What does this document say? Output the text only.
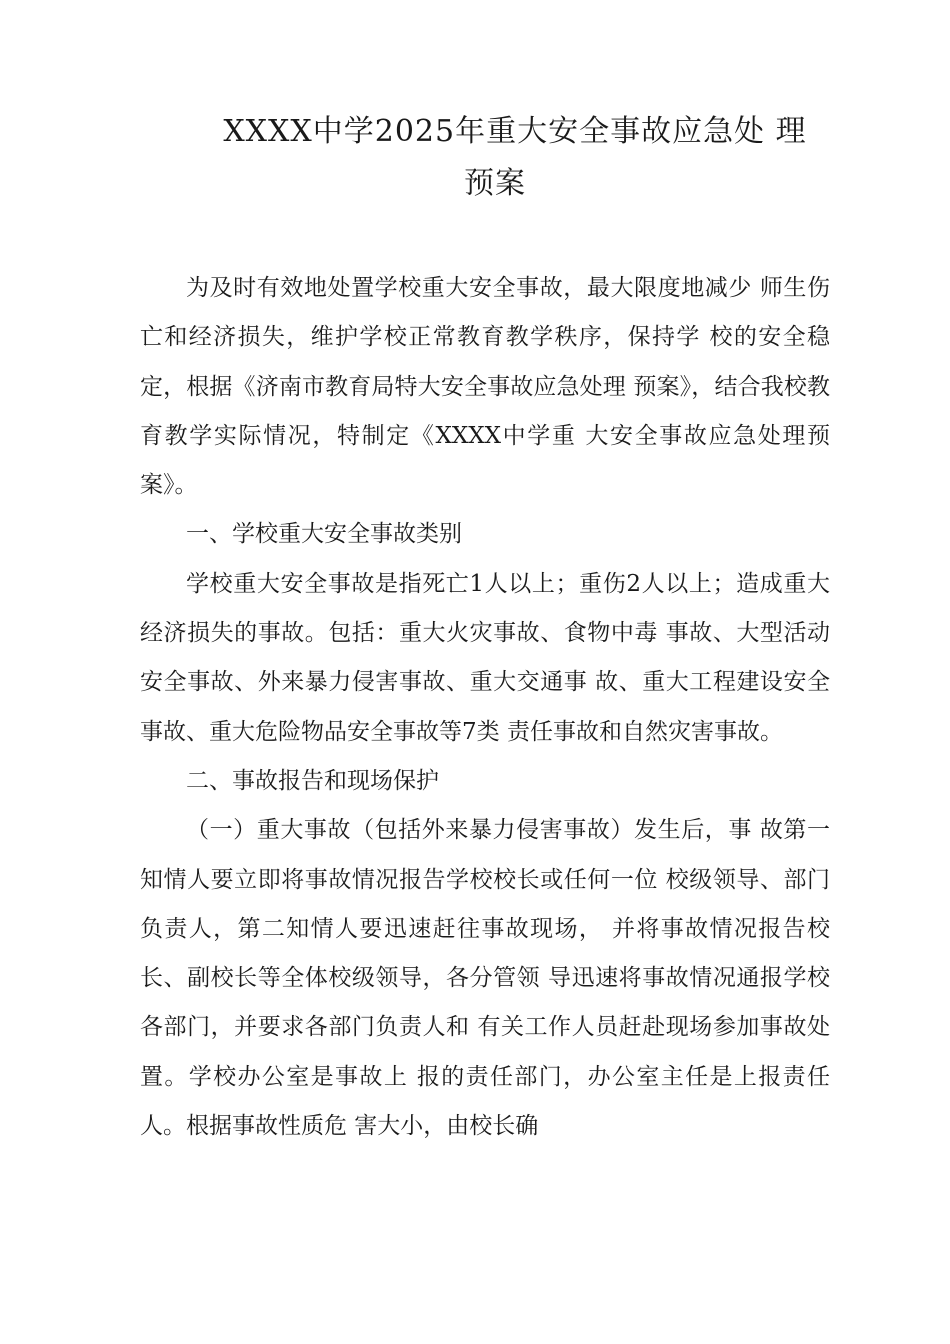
XXXX中学2025年重大安全事故应急处 理
预案

为及时有效地处置学校重大安全事故，最大限度地减少 师生伤亡和经济损失，维护学校正常教育教学秩序，保持学 校的安全稳定，根据《济南市教育局特大安全事故应急处理 预案》，结合我校教育教学实际情况，特制定《XXXX中学重 大安全事故应急处理预案》。

一、学校重大安全事故类别

学校重大安全事故是指死亡1人以上；重伤2人以上；造成重大经济损失的事故。包括：重大火灾事故、食物中毒 事故、大型活动安全事故、外来暴力侵害事故、重大交通事 故、重大工程建设安全事故、重大危险物品安全事故等7类 责任事故和自然灾害事故。

二、事故报告和现场保护

（一）重大事故（包括外来暴力侵害事故）发生后，事 故第一知情人要立即将事故情况报告学校校长或任何一位 校级领导、部门负责人，第二知情人要迅速赶往事故现场， 并将事故情况报告校长、副校长等全体校级领导，各分管领 导迅速将事故情况通报学校各部门，并要求各部门负责人和 有关工作人员赶赴现场参加事故处置。学校办公室是事故上 报的责任部门，办公室主任是上报责任人。根据事故性质危 害大小，由校长确
